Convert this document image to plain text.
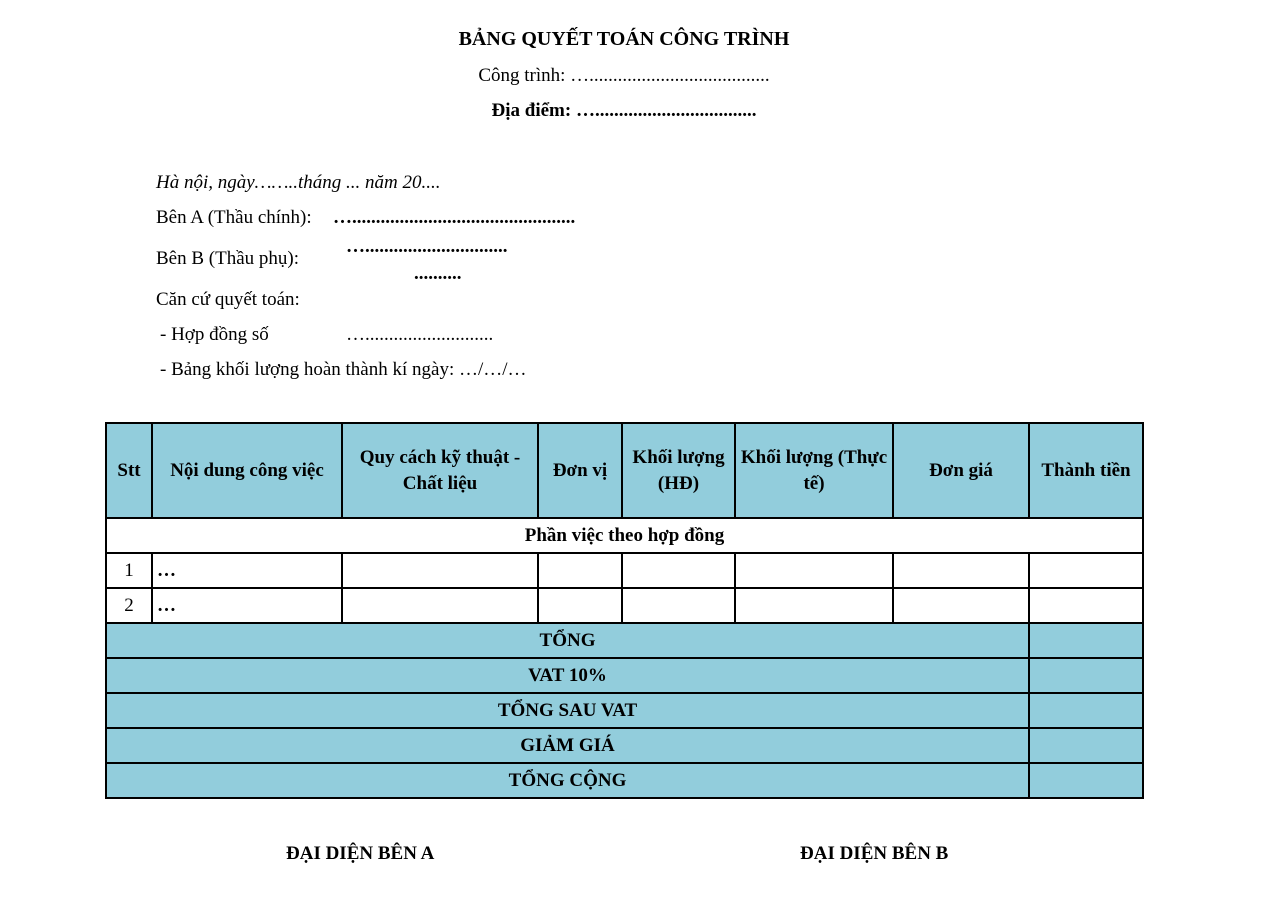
BẢNG QUYẾT TOÁN CÔNG TRÌNH
Công trình: …......................................
Địa điểm: …..................................
Hà nội, ngày……..tháng ... năm 20....
Bên A (Thầu chính): …...............................................
Bên B (Thầu phụ):
…..............................
..........
Căn cứ quyết toán:
- Hợp đồng số	…...........................
- Bảng khối lượng hoàn thành kí ngày: …/…/…
Stt	Nội dung công việc	Quy cách kỹ thuật - Chất liệu	Đơn vị	Khối lượng (HĐ)	Khối lượng (Thực tế)	Đơn giá	Thành tiền
Phần việc theo hợp đồng							
1	…						
2	…						
TỔNG							
VAT 10%							
TỔNG SAU VAT							
GIẢM GIÁ							
TỔNG CỘNG							
ĐẠI DIỆN BÊN A	ĐẠI DIỆN BÊN B
